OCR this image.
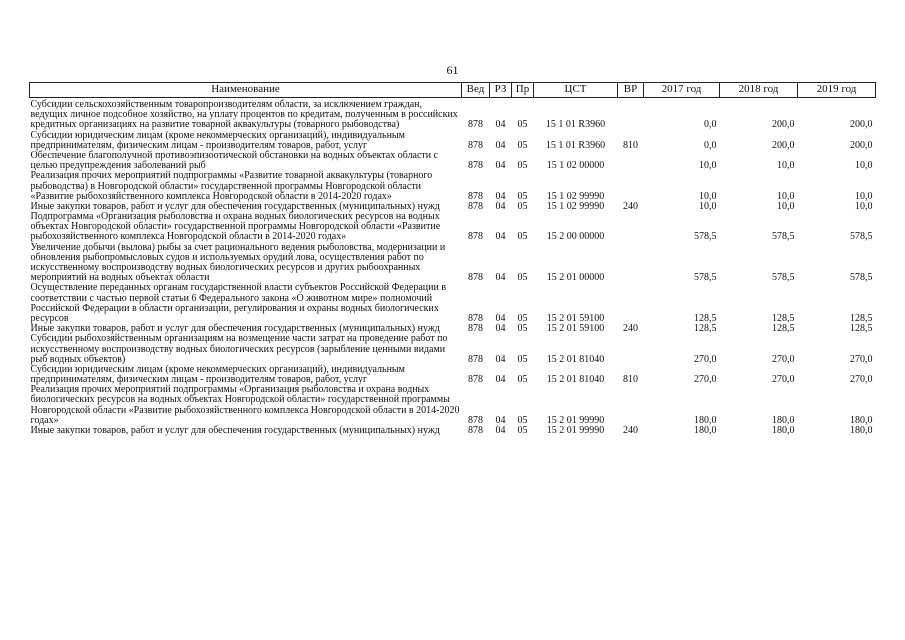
61
Наименование	Вед	РЗ	Пр	ЦСТ	ВР	2017 год	2018 год	2019 год
Субсидии сельскохозяйственным товаропроизводителям области, за исключением граждан, ведущих личное подсобное хозяйство, на уплату процентов по кредитам, полученным в российских кредитных организациях на развитие товарной аквакультуры (товарного рыбоводства)	878	04	05	15 1 01 R3960		0,0	200,0	200,0
Субсидии юридическим лицам (кроме некоммерческих организаций), индивидуальным предпринимателям, физическим лицам - производителям товаров, работ, услуг	878	04	05	15 1 01 R3960	810	0,0	200,0	200,0
Обеспечение благополучной противоэпизоотической обстановки на водных объектах области с целью предупреждения заболеваний рыб	878	04	05	15 1 02 00000		10,0	10,0	10,0
Реализация прочих мероприятий подпрограммы «Развитие товарной аквакультуры (товарного рыбоводства) в Новгородской области» государственной программы Новгородской области «Развитие рыбохозяйственного комплекса Новгородской области в 2014-2020 годах»	878	04	05	15 1 02 99990		10,0	10,0	10,0
Иные закупки товаров, работ и услуг для обеспечения государственных (муниципальных) нужд	878	04	05	15 1 02 99990	240	10,0	10,0	10,0
Подпрограмма «Организация рыболовства и охрана водных биологических ресурсов на водных объектах Новгородской области» государственной программы Новгородской области «Развитие рыбохозяйственного комплекса Новгородской области в 2014-2020 годах»	878	04	05	15 2 00 00000		578,5	578,5	578,5
Увеличение добычи (вылова) рыбы за счет рационального ведения рыболовства, модернизации и обновления рыбопромысловых судов и используемых орудий лова, осуществления работ по искусственному воспроизводству водных биологических ресурсов и других рыбоохранных мероприятий на водных объектах области	878	04	05	15 2 01 00000		578,5	578,5	578,5
Осуществление переданных органам государственной власти субъектов Российской Федерации в соответствии с частью первой статьи 6 Федерального закона «О животном мире» полномочий Российской Федерации в области организации, регулирования и охраны водных биологических ресурсов	878	04	05	15 2 01 59100		128,5	128,5	128,5
Иные закупки товаров, работ и услуг для обеспечения государственных (муниципальных) нужд	878	04	05	15 2 01 59100	240	128,5	128,5	128,5
Субсидии рыбохозяйственным организациям на возмещение части затрат на проведение работ по искусственному воспроизводству водных биологических ресурсов (зарыбление ценными видами рыб водных объектов)	878	04	05	15 2 01 81040		270,0	270,0	270,0
Субсидии юридическим лицам (кроме некоммерческих организаций), индивидуальным предпринимателям, физическим лицам - производителям товаров, работ, услуг	878	04	05	15 2 01 81040	810	270,0	270,0	270,0
Реализация прочих мероприятий подпрограммы «Организация рыболовства и охрана водных биологических ресурсов на водных объектах Новгородской области» государственной программы Новгородской области «Развитие рыбохозяйственного комплекса Новгородской области в 2014-2020 годах»	878	04	05	15 2 01 99990		180,0	180,0	180,0
Иные закупки товаров, работ и услуг для обеспечения государственных (муниципальных) нужд	878	04	05	15 2 01 99990	240	180,0	180,0	180,0
